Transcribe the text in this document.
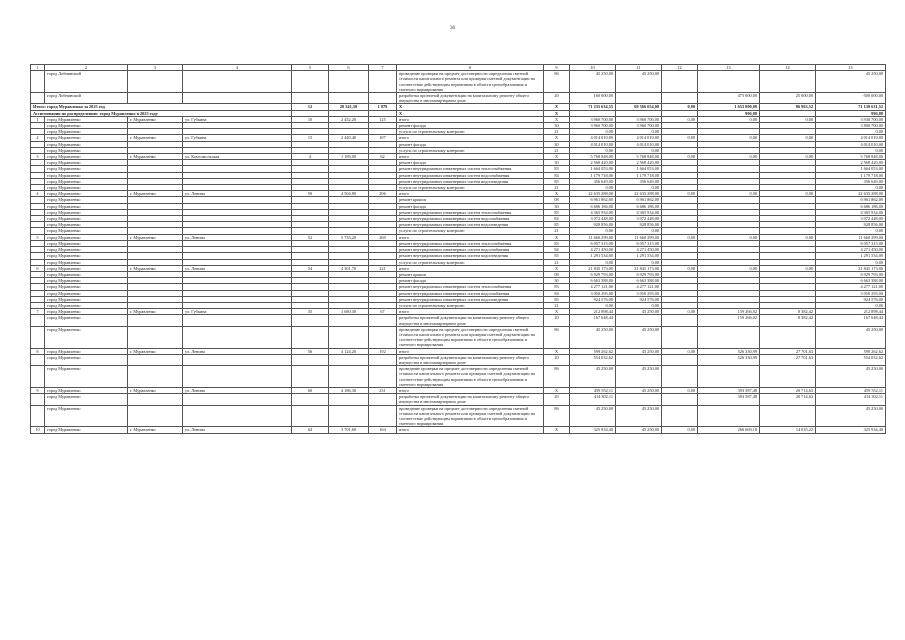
36
1	2	3	4	5	6	7	8	9	10	11	12	13	14	15
	город Лобнинский						проведение проверки на предмет достоверности определения сметной стоимости капитального ремонта или проверки сметной документации на соответствие действующим нормативам в области ценообразования и сметного нормирования	86	45 250,00	45 250,00				45 250,00
	город Лобнинский						разработка проектной документации на капитальному ремонту общего имущества в многоквартирном доме	20	160 000,00			475 000,00	25 000,00	-500 000,00
Итого: город Муравленко за 2025 год				12	20 341,30	1 879	Х	Х	71 235 634,55	69 566 654,00	0,00	1 653 800,00	86 963,52	71 130 631,52
Ассигнования по распределению: город Муравленко в 2025 году							Х	Х				996,88		996,88
1	город Муравленко	г. Муравленко	ул. Губкина	10	2 452,20	125	итого	Х	3 960 700,00	3 960 700,00	0,00	0,00	0,00	3 930 700,00
	город Муравленко						ремонт фасада	30	3 960 700,00	3 960 700,00				3 800 700,00
	город Муравленко						услуги по строительному контролю	21	0,00	0,00				0,00
2	город Муравленко	г. Муравленко	ул. Губкина	15	2 440,40	107	итого	Х	4 014 010,00	4 014 010,00	0,00	0,00	0,00	4 014 010,00
	город Муравленко						ремонт фасада	30	4 014 010,00	4 014 010,00				4 014 010,00
	город Муравленко						услуги по строительному контролю	21	0,00	0,00				0,00
3	город Муравленко	г. Муравленко	ул. Комсомольская	4	1 189,00	62	итого	Х	5 768 848,00	5 768 848,00	0,00	0,00	0,00	5 768 848,00
	город Муравленко						ремонт фасада	30	2 568 420,00	2 568 420,00				2 568 420,00
	город Муравленко						ремонт внутридомовых инженерных систем теплоснабжения	83	1 664 053,00	1 664 053,00				1 664 053,00
	город Муравленко						ремонт внутридомовых инженерных систем водоснабжения	84	1 179 718,00	1 179 718,00				1 179 718,00
	город Муравленко						ремонт внутридомовых инженерных систем водоотведения	85	356 649,00	356 649,00				356 649,00
	город Муравленко						услуги по строительному контролю	21	0,00	0,00				0,00
4	город Муравленко	г. Муравленко	ул. Ленина	50	4 504,80	206	итого	Х	22 635 288,00	22 635 288,00	0,00	0,00	0,00	22 635 288,00
	город Муравленко						ремонт крыши	08	6 961 862,00	6 961 862,00				6 961 862,00
	город Муравленко						ремонт фасада	30	6 686 186,00	6 686 186,00				6 686 186,00
	город Муравленко						ремонт внутридомовых инженерных систем теплоснабжения	83	4 365 934,00	4 365 934,00				4 365 934,00
	город Муравленко						ремонт внутридомовых инженерных систем водоснабжения	84	3 072 448,00	3 072 448,00				3 072 448,00
	город Муравленко						ремонт внутридомовых инженерных систем водоотведения	85	928 856,00	928 856,00				928 856,00
	город Муравленко						услуги по строительному контролю	21	0,00	0,00				0,00
5	город Муравленко	г. Муравленко	ул. Ленина	52	5 735,20	269	итого	Х	11 660 299,00	11 660 299,00	0,00	0,00	0,00	11 660 299,00
	город Муравленко						ремонт внутридомовых инженерных систем теплоснабжения	83	6 057 315,00	6 057 315,00				6 057 315,00
	город Муравленко						ремонт внутридомовых инженерных систем водоснабжения	84	4 271 450,00	4 271 450,00				4 271 450,00
	город Муравленко						ремонт внутридомовых инженерных систем водоотведения	85	1 291 534,00	1 291 534,00				1 291 534,00
	город Муравленко						услуги по строительному контролю	21	0,00	0,00				0,00
6	город Муравленко	г. Муравленко	ул. Ленина	54	4 301,70	221	итого	Х	21 845 173,00	21 845 173,00	0,00	0,00	0,00	21 845 173,00
	город Муравленко						ремонт крыши	08	6 929 793,00	6 929 793,00				6 929 793,00
	город Муравленко						ремонт фасада	30	6 663 388,00	6 663 388,00				6 663 388,00
	город Муравленко						ремонт внутридомовых инженерных систем теплоснабжения	83	4 277 121,00	4 277 121,00				4 277 121,00
	город Муравленко						ремонт внутридомовых инженерных систем водоснабжения	84	3 050 295,00	3 050 295,00				3 050 295,00
	город Муравленко						ремонт внутридомовых инженерных систем водоотведения	85	924 576,00	924 576,00				924 576,00
	город Муравленко						услуги по строительному контролю	21	0,00	0,00				0,00
7	город Муравленко	г. Муравленко	ул. Губкина	35	1 680,30	67	итого	Х	212 898,44	45 250,00	0,00	159 266,02	8 382,42	212 898,44
	город Муравленко						разработка проектной документации на капитальному ремонту общего имущества в многоквартирном доме	20	167 648,44			159 266,02	8 382,42	167 648,44
	город Муравленко						проведение проверки на предмет достоверности определения сметной стоимости капитального ремонта или проверки сметной документации на соответствие действующим нормативам в области ценообразования и сметного нормирования	86	45 250,00	45 250,00				45 250,00
8	город Муравленко	г. Муравленко	ул. Ленина	56	4 124,20	192	итого	Х	599 262,62	45 250,00	0,00	526 330,99	27 701,63	599 262,62
	город Муравленко						разработка проектной документации на капитальному ремонту общего имущества в многоквартирном доме	20	554 032,62			526 330,99	27 701,63	554 032,62
	город Муравленко						проведение проверки на предмет достоверности определения сметной стоимости капитального ремонта или проверки сметной документации на соответствие действующим нормативам в области ценообразования и сметного нормирования	86	45 250,00	45 250,00				45 250,00
9	город Муравленко	г. Муравленко	ул. Ленина	60	4 186,30	231	итого	Х	459 552,11	45 250,00	0,00	393 587,48	20 714,63	459 552,11
	город Муравленко						разработка проектной документации на капитальному ремонту общего имущества в многоквартирном доме	20	414 302,11			393 587,48	20 714,63	414 302,11
	город Муравленко						проведение проверки на предмет достоверности определения сметной стоимости капитального ремонта или проверки сметной документации на соответствие действующим нормативам в области ценообразования и сметного нормирования	86	45 250,00	45 250,00				45 250,00
10	город Муравленко	г. Муравленко	ул. Ленина	64	3 701,60	164	итого	Х	325 934,40	45 250,00	0,00	266 669,18	14 035,22	325 934,40
